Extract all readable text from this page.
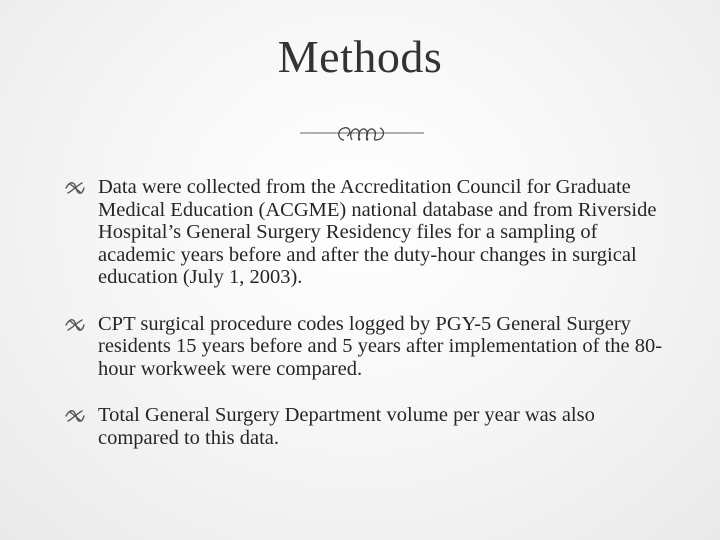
Methods
Data were collected from the Accreditation Council for Graduate Medical Education (ACGME) national database and from Riverside Hospital’s General Surgery Residency files for a sampling of academic years before and after the duty-hour changes in surgical education (July 1, 2003).
CPT surgical procedure codes logged by PGY-5 General Surgery residents 15 years before and 5 years after implementation of the 80-hour workweek were compared.
Total General Surgery Department volume per year was also compared to this data.
